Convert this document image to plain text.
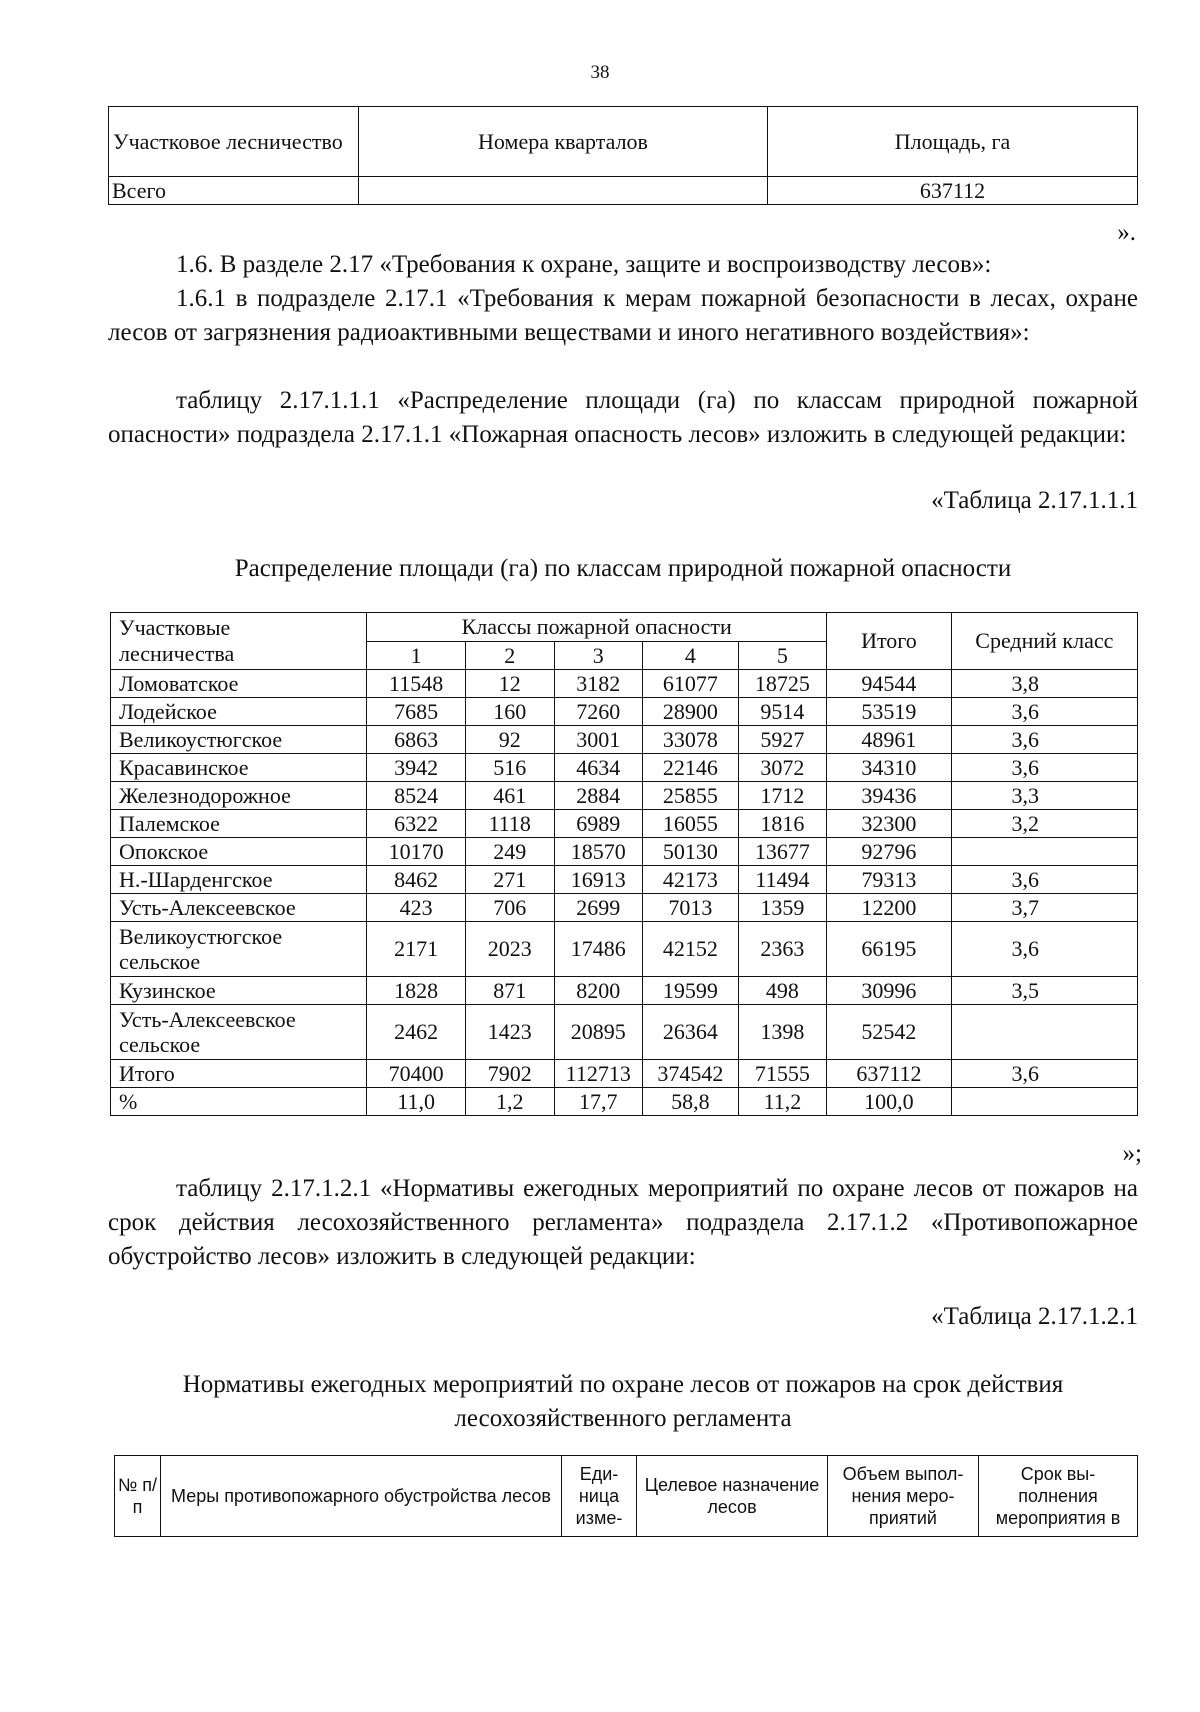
38
Участковое лесничество	Номера кварталов	Площадь, га
Всего		637112
».
1.6. В разделе 2.17 «Требования к охране, защите и воспроизводству лесов»:
1.6.1 в подразделе 2.17.1 «Требования к мерам пожарной безопасности в лесах, охране лесов от загрязнения радиоактивными веществами и иного негативного воздействия»:
таблицу 2.17.1.1.1 «Распределение площади (га) по классам природной пожарной опасности» подраздела 2.17.1.1 «Пожарная опасность лесов» изложить в следующей редакции:
«Таблица 2.17.1.1.1
Распределение площади (га) по классам природной пожарной опасности
Участковые
лесничества	Классы пожарной опасности					Итого	Средний класс
	1	2	3	4	5		
Ломоватское	11548	12	3182	61077	18725	94544	3,8
Лодейское	7685	160	7260	28900	9514	53519	3,6
Великоустюгское	6863	92	3001	33078	5927	48961	3,6
Красавинское	3942	516	4634	22146	3072	34310	3,6
Железнодорожное	8524	461	2884	25855	1712	39436	3,3
Палемское	6322	1118	6989	16055	1816	32300	3,2
Опокское	10170	249	18570	50130	13677	92796	
Н.-Шарденгское	8462	271	16913	42173	11494	79313	3,6
Усть-Алексеевское	423	706	2699	7013	1359	12200	3,7
Великоустюгское сельское	2171	2023	17486	42152	2363	66195	3,6
Кузинское	1828	871	8200	19599	498	30996	3,5
Усть-Алексеевское сельское	2462	1423	20895	26364	1398	52542	
Итого	70400	7902	112713	374542	71555	637112	3,6
%	11,0	1,2	17,7	58,8	11,2	100,0	
»;
таблицу 2.17.1.2.1 «Нормативы ежегодных мероприятий по охране лесов от пожаров на срок действия лесохозяйственного регламента» подраздела 2.17.1.2 «Противопожарное обустройство лесов» изложить в следующей редакции:
«Таблица 2.17.1.2.1
Нормативы ежегодных мероприятий по охране лесов от пожаров на срок действия
лесохозяйственного регламента
№ п/п	Меры противопожарного обустройства лесов	Еди- ница изме-	Целевое назначение лесов	Объем выпол- нения меро- приятий	Срок вы- полнения мероприятия в
